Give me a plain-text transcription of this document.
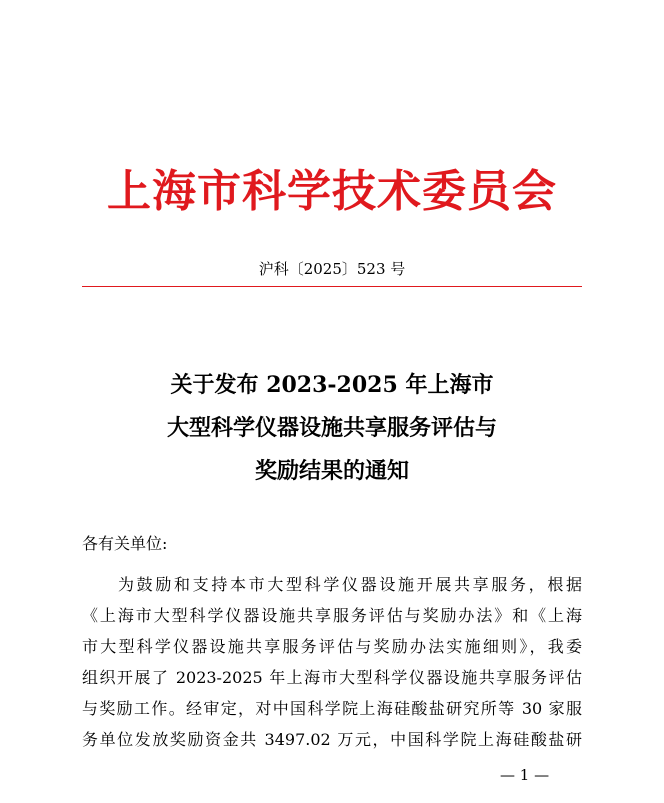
上海市科学技术委员会
沪科〔2025〕523 号
关于发布 2023-2025 年上海市
大型科学仪器设施共享服务评估与
奖励结果的通知
各有关单位:
为鼓励和支持本市大型科学仪器设施开展共享服务，根据
《上海市大型科学仪器设施共享服务评估与奖励办法》和《上海
市大型科学仪器设施共享服务评估与奖励办法实施细则》，我委
组织开展了 2023-2025 年上海市大型科学仪器设施共享服务评估
与奖励工作。经审定，对中国科学院上海硅酸盐研究所等 30 家服
务单位发放奖励资金共 3497.02 万元，中国科学院上海硅酸盐研
— 1 —
